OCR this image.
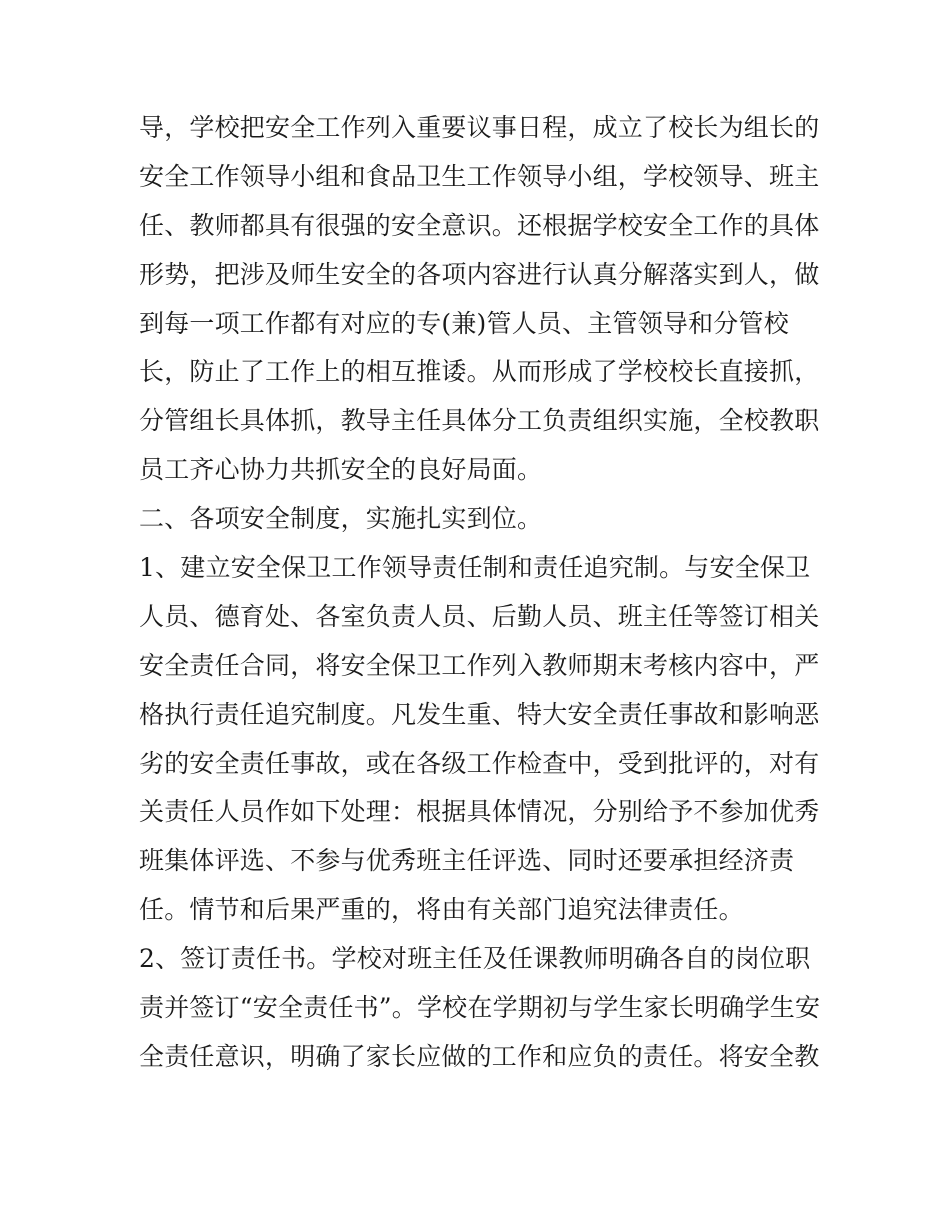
导，学校把安全工作列入重要议事日程，成立了校长为组长的
安全工作领导小组和食品卫生工作领导小组，学校领导、班主
任、教师都具有很强的安全意识。还根据学校安全工作的具体
形势，把涉及师生安全的各项内容进行认真分解落实到人，做
到每一项工作都有对应的专(兼)管人员、主管领导和分管校
长，防止了工作上的相互推诿。从而形成了学校校长直接抓，
分管组长具体抓，教导主任具体分工负责组织实施，全校教职
员工齐心协力共抓安全的良好局面。
二、各项安全制度，实施扎实到位。
1、建立安全保卫工作领导责任制和责任追究制。与安全保卫
人员、德育处、各室负责人员、后勤人员、班主任等签订相关
安全责任合同，将安全保卫工作列入教师期末考核内容中，严
格执行责任追究制度。凡发生重、特大安全责任事故和影响恶
劣的安全责任事故，或在各级工作检查中，受到批评的，对有
关责任人员作如下处理：根据具体情况，分别给予不参加优秀
班集体评选、不参与优秀班主任评选、同时还要承担经济责
任。情节和后果严重的，将由有关部门追究法律责任。
2、签订责任书。学校对班主任及任课教师明确各自的岗位职
责并签订“安全责任书”。学校在学期初与学生家长明确学生安
全责任意识，明确了家长应做的工作和应负的责任。将安全教
